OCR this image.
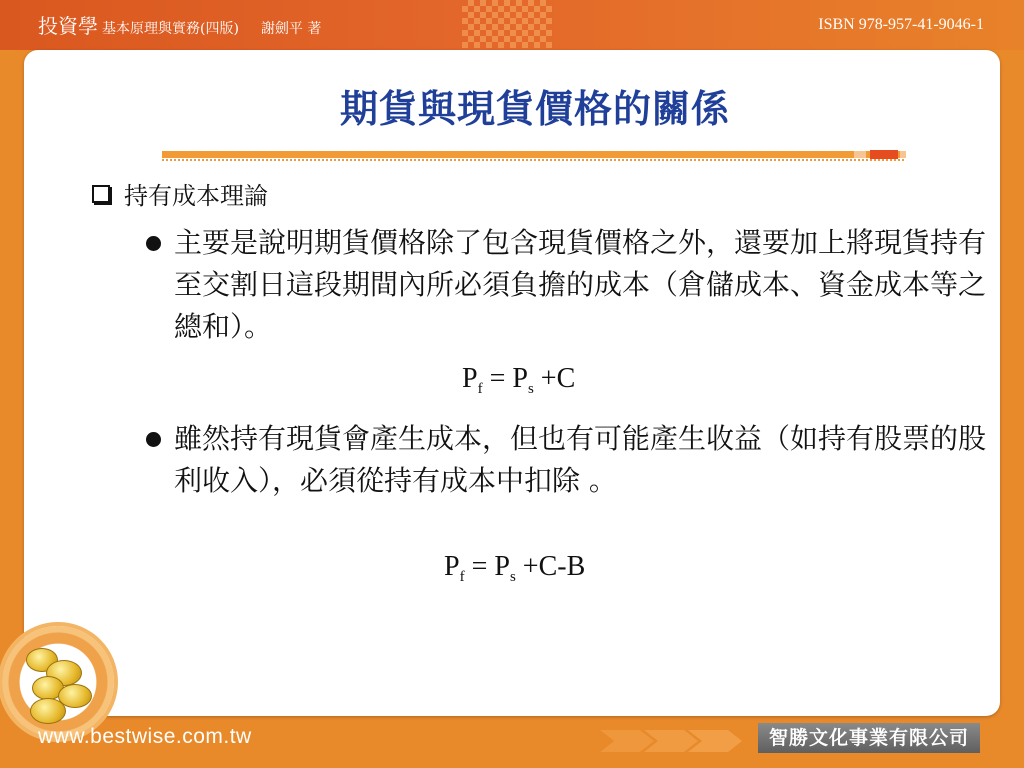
投資學 基本原理與實務(四版) 謝劍平 著	ISBN 978-957-41-9046-1
期貨與現貨價格的關係
持有成本理論
主要是說明期貨價格除了包含現貨價格之外，還要加上將現貨持有至交割日這段期間內所必須負擔的成本（倉儲成本、資金成本等之總和）。
$P_f = P_s +C$
雖然持有現貨會產生成本，但也有可能產生收益（如持有股票的股利收入），必須從持有成本中扣除 。
$P_f = P_s +C-B$
www.bestwise.com.tw	智勝文化事業有限公司
